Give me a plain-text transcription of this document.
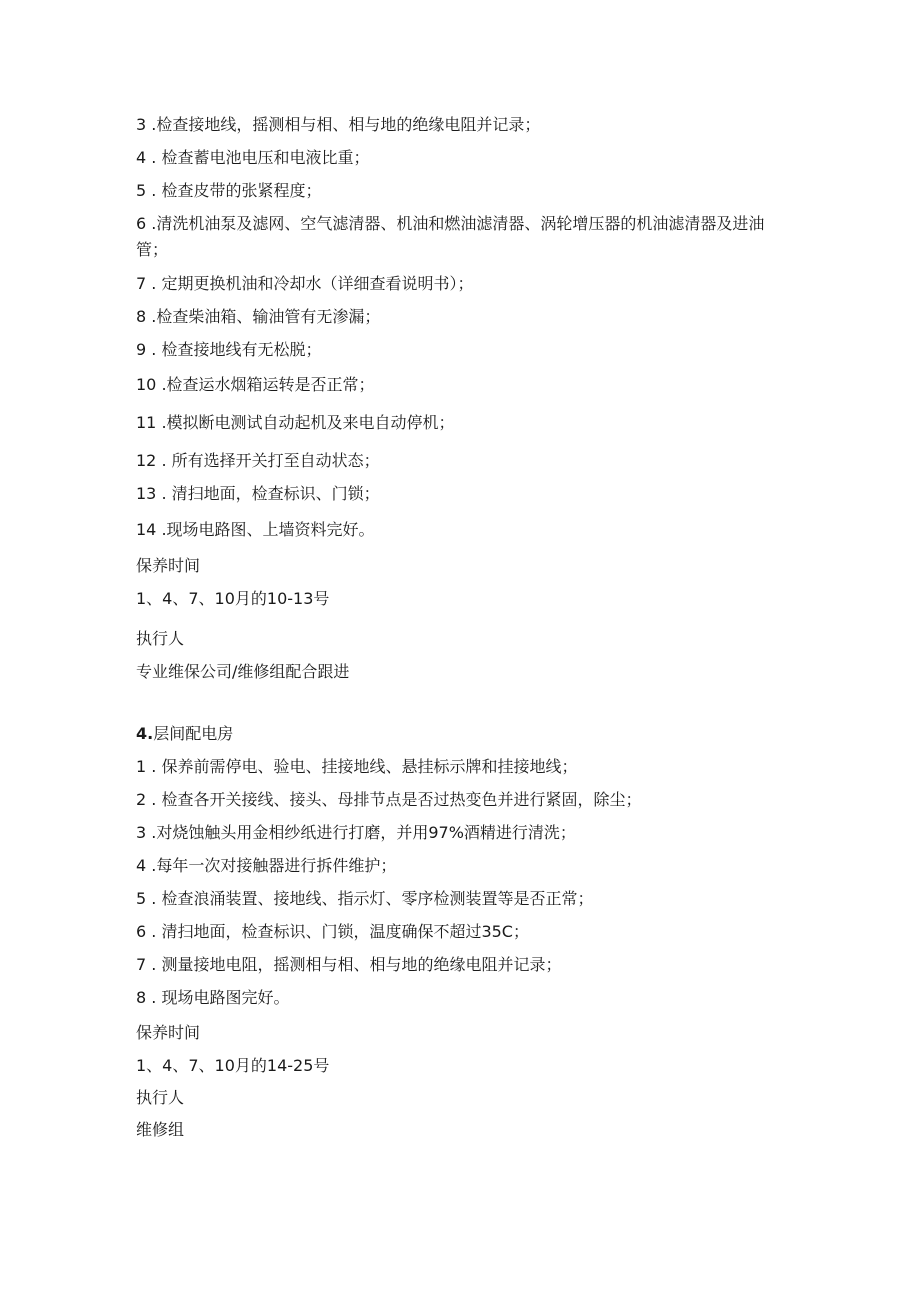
3 .检查接地线，摇测相与相、相与地的绝缘电阻并记录；
4 . 检查蓄电池电压和电液比重；
5 . 检查皮带的张紧程度；
6 .清洗机油泵及滤网、空气滤清器、机油和燃油滤清器、涡轮增压器的机油滤清器及进油管；
7 . 定期更换机油和冷却水（详细查看说明书）；
8 .检查柴油箱、输油管有无渗漏；
9 . 检查接地线有无松脱；
10 .检查运水烟箱运转是否正常；
11 .模拟断电测试自动起机及来电自动停机；
12 . 所有选择开关打至自动状态；
13 . 清扫地面，检查标识、门锁；
14 .现场电路图、上墙资料完好。
保养时间
1、4、7、10月的10-13号
执行人
专业维保公司/维修组配合跟进
4.层间配电房
1 . 保养前需停电、验电、挂接地线、悬挂标示牌和挂接地线；
2 . 检查各开关接线、接头、母排节点是否过热变色并进行紧固，除尘；
3 .对烧蚀触头用金相纱纸进行打磨，并用97%酒精进行清洗；
4 .每年一次对接触器进行拆件维护；
5 . 检查浪涌装置、接地线、指示灯、零序检测装置等是否正常；
6 . 清扫地面，检查标识、门锁，温度确保不超过35C；
7 . 测量接地电阻，摇测相与相、相与地的绝缘电阻并记录；
8 . 现场电路图完好。
保养时间
1、4、7、10月的14-25号
执行人
维修组
